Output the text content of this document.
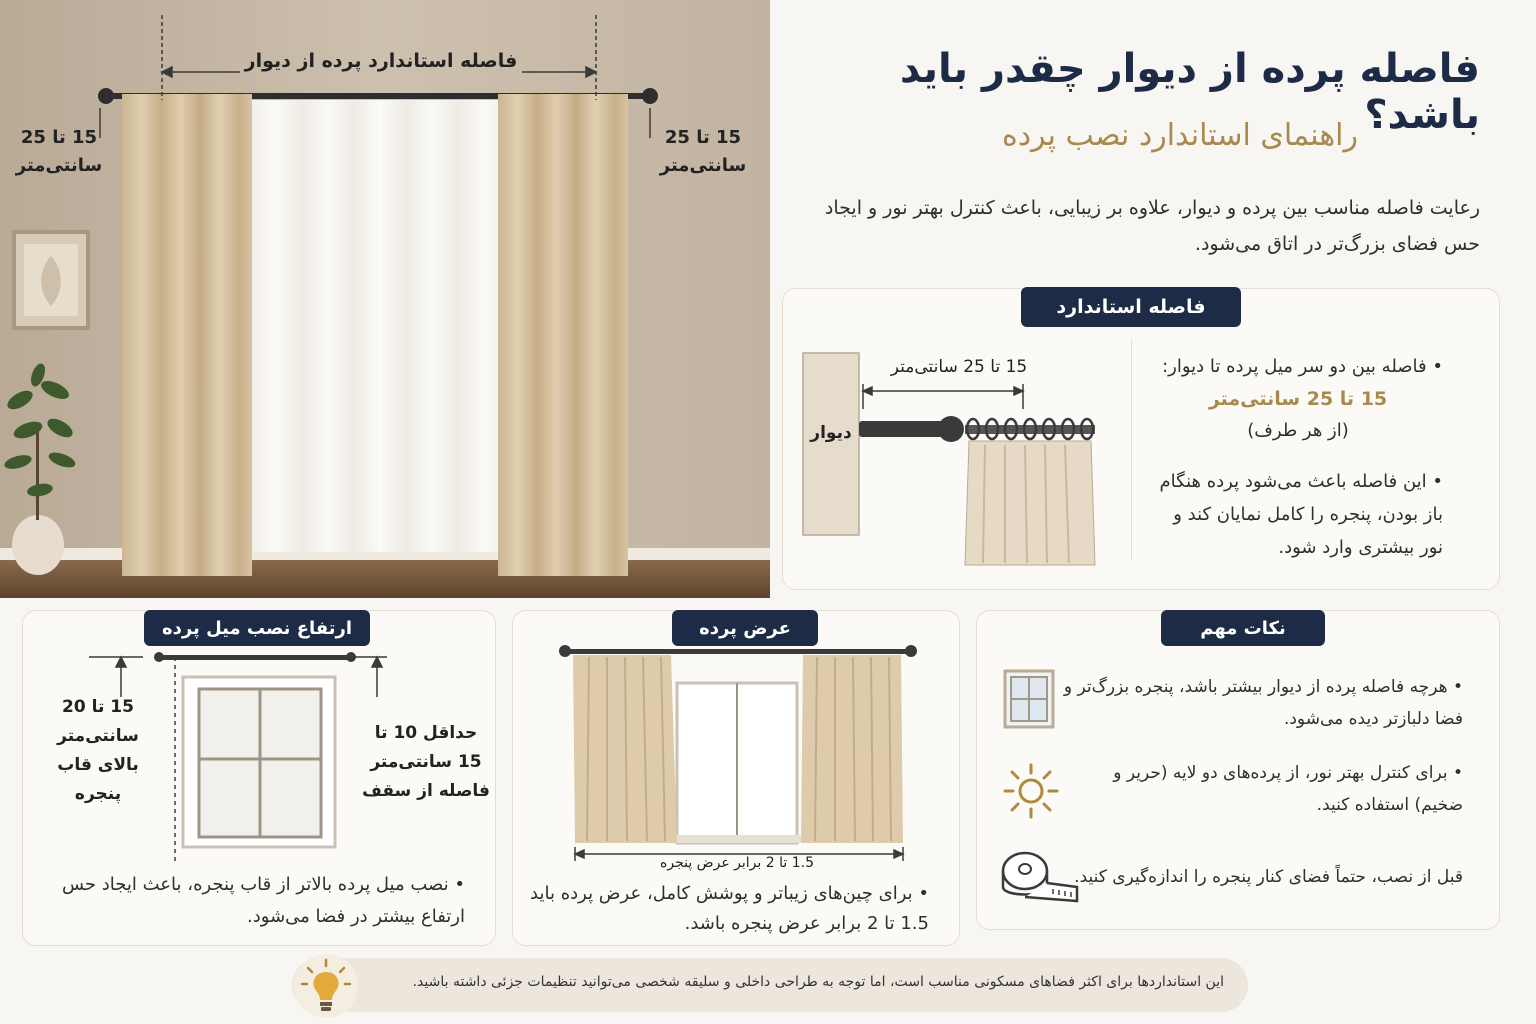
فاصله استاندارد پرده از دیوار
15 تا 25
سانتی‌متر
15 تا 25
سانتی‌متر
فاصله پرده از دیوار چقدر باید باشد؟
راهنمای استاندارد نصب پرده
رعایت فاصله مناسب بین پرده و دیوار، علاوه بر زیبایی، باعث کنترل بهتر نور و ایجاد حس فضای بزرگ‌تر در اتاق می‌شود.
15 تا 25 سانتی‌متر
دیوار
• فاصله بین دو سر میل پرده تا دیوار:
15 تا 25 سانتی‌متر
(از هر طرف)
• این فاصله باعث می‌شود پرده هنگام باز بودن، پنجره را کامل نمایان کند و نور بیشتری وارد شود.
فاصله استاندارد
15 تا 20 سانتی‌متر بالای قاب پنجره
حداقل 10 تا 15 سانتی‌متر فاصله از سقف
• نصب میل پرده بالاتر از قاب پنجره، باعث ایجاد حس ارتفاع بیشتر در فضا می‌شود.
ارتفاع نصب میل پرده
1.5 تا 2 برابر عرض پنجره
• برای چین‌های زیباتر و پوشش کامل، عرض پرده باید 1.5 تا 2 برابر عرض پنجره باشد.
عرض پرده
• هرچه فاصله پرده از دیوار بیشتر باشد، پنجره بزرگ‌تر و فضا دلبازتر دیده می‌شود.
• برای کنترل بهتر نور، از پرده‌های دو لایه (حریر و ضخیم) استفاده کنید.
قبل از نصب، حتماً فضای کنار پنجره را اندازه‌گیری کنید.
نکات مهم
این استانداردها برای اکثر فضاهای مسکونی مناسب است، اما توجه به طراحی داخلی و سلیقه شخصی می‌توانید تنظیمات جزئی داشته باشید.
